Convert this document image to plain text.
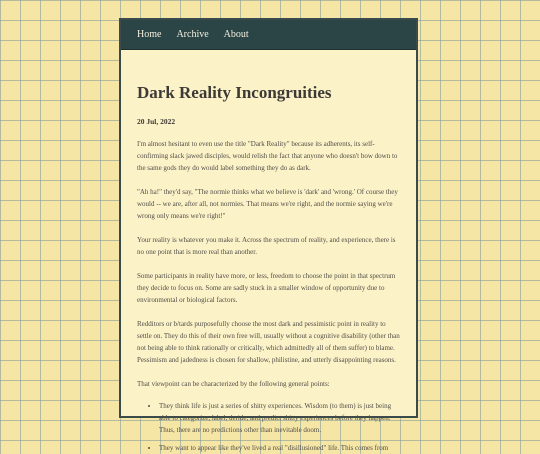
Home Archive About
Dark Reality Incongruities
20 Jul, 2022

I'm almost hesitant to even use the title "Dark Reality" because its adherents, its self-confirming slack jawed disciples, would relish the fact that anyone who doesn't bow down to the same gods they do would label something they do as dark.

"Ah ha!" they'd say, "The normie thinks what we believe is 'dark' and 'wrong.' Of course they would -- we are, after all, not normies. That means we're right, and the normie saying we're wrong only means we're right!"

Your reality is whatever you make it. Across the spectrum of reality, and experience, there is no one point that is more real than another.

Some participants in reality have more, or less, freedom to choose the point in that spectrum they decide to focus on. Some are sadly stuck in a smaller window of opportunity due to environmental or biological factors.

Redditors or b/tards purposefully choose the most dark and pessimistic point in reality to settle on. They do this of their own free will, usually without a cognitive disability (other than not being able to think rationally or critically, which admittedly all of them suffer) to blame. Pessimism and jadedness is chosen for shallow, philistine, and utterly disappointing reasons.

That viewpoint can be characterized by the following general points:

• They think life is just a series of shitty experiences. Wisdom (to them) is just being able to categorize, label, deride, and predict shitty experiences before they happen. Thus, there are no predictions other than inevitable doom.
• They want to appear like they've lived a real "disillusioned" life. This comes from
